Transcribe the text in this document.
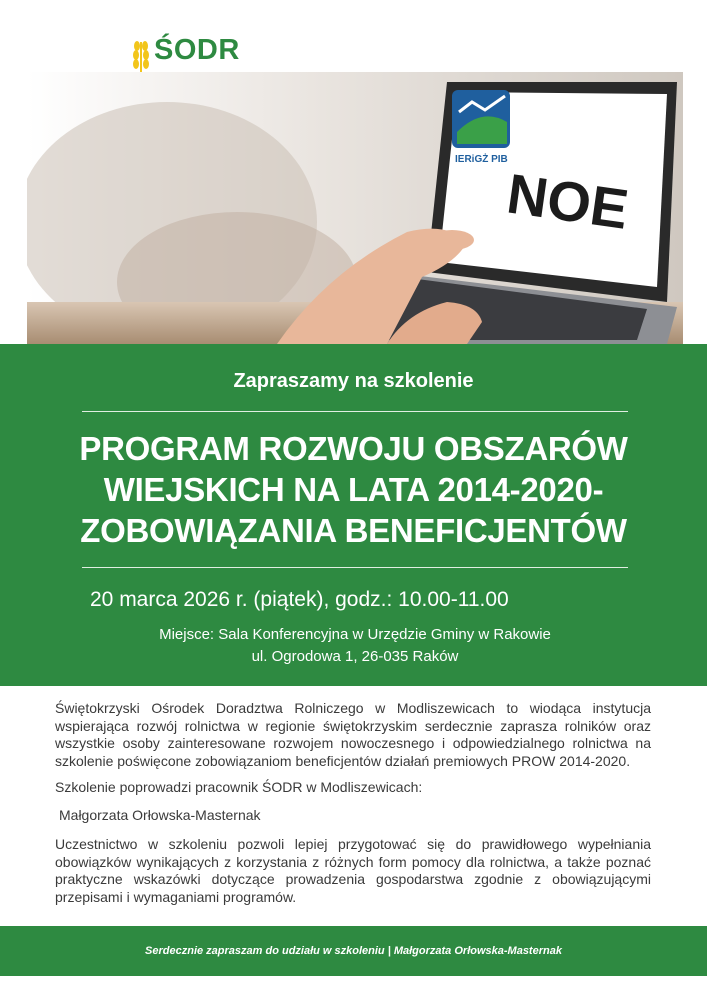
ŚODR
IERiGŻ PIB
NOE
Zapraszamy na szkolenie
PROGRAM ROZWOJU OBSZARÓW
WIEJSKICH NA LATA 2014-2020-
ZOBOWIĄZANIA BENEFICJENTÓW
20 marca 2026 r. (piątek), godz.: 10.00-11.00
Miejsce: Sala Konferencyjna w Urzędzie Gminy w Rakowie
ul. Ogrodowa 1, 26-035 Raków

Świętokrzyski Ośrodek Doradztwa Rolniczego w Modliszewicach to wiodąca instytucja wspierająca rozwój rolnictwa w regionie świętokrzyskim serdecznie zaprasza rolników oraz wszystkie osoby zainteresowane rozwojem nowoczesnego i odpowiedzialnego rolnictwa na szkolenie poświęcone zobowiązaniom beneficjentów działań premiowych PROW 2014-2020.

Szkolenie poprowadzi pracownik ŚODR w Modliszewicach:

Małgorzata Orłowska-Masternak

Uczestnictwo w szkoleniu pozwoli lepiej przygotować się do prawidłowego wypełniania obowiązków wynikających z korzystania z różnych form pomocy dla rolnictwa, a także poznać praktyczne wskazówki dotyczące prowadzenia gospodarstwa zgodnie z obowiązującymi przepisami i wymaganiami programów.

Serdecznie zapraszam do udziału w szkoleniu | Małgorzata Orłowska-Masternak
